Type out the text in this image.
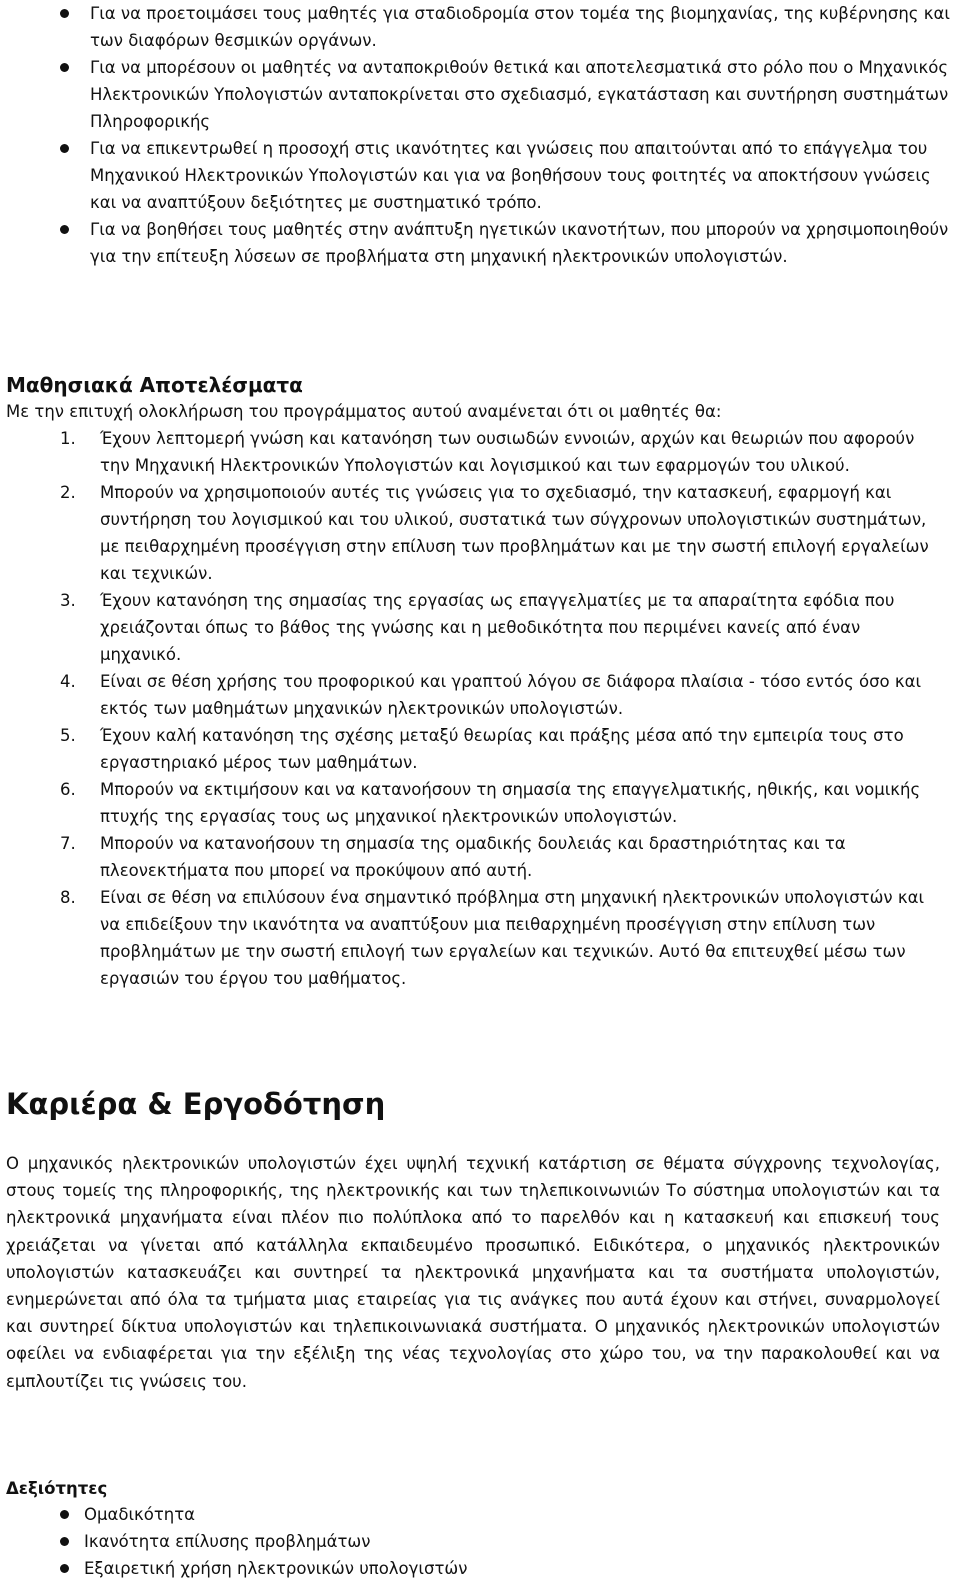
Για να προετοιμάσει τους μαθητές για σταδιοδρομία στον τομέα της βιομηχανίας, της κυβέρνησης και των διαφόρων θεσμικών οργάνων.
Για να μπορέσουν οι μαθητές να ανταποκριθούν θετικά και αποτελεσματικά στο ρόλο που ο Μηχανικός Ηλεκτρονικών Υπολογιστών ανταποκρίνεται στο σχεδιασμό, εγκατάσταση και συντήρηση συστημάτων Πληροφορικής
Για να επικεντρωθεί η προσοχή στις ικανότητες και γνώσεις που απαιτούνται από το επάγγελμα του Μηχανικού Ηλεκτρονικών Υπολογιστών και για να βοηθήσουν τους φοιτητές να αποκτήσουν γνώσεις και να αναπτύξουν δεξιότητες με συστηματικό τρόπο.
Για να βοηθήσει τους μαθητές στην ανάπτυξη ηγετικών ικανοτήτων, που μπορούν να χρησιμοποιηθούν για την επίτευξη λύσεων σε προβλήματα στη μηχανική ηλεκτρονικών υπολογιστών.
Μαθησιακά Αποτελέσματα
Με την επιτυχή ολοκλήρωση του προγράμματος αυτού αναμένεται ότι οι μαθητές θα:
1. Έχουν λεπτομερή γνώση και κατανόηση των ουσιωδών εννοιών, αρχών και θεωριών που αφορούν την Μηχανική Ηλεκτρονικών Υπολογιστών και λογισμικού και των εφαρμογών του υλικού.
2. Μπορούν να χρησιμοποιούν αυτές τις γνώσεις για το σχεδιασμό, την κατασκευή, εφαρμογή και συντήρηση του λογισμικού και του υλικού, συστατικά των σύγχρονων υπολογιστικών συστημάτων, με πειθαρχημένη προσέγγιση στην επίλυση των προβλημάτων και με την σωστή επιλογή εργαλείων και τεχνικών.
3. Έχουν κατανόηση της σημασίας της εργασίας ως επαγγελματίες με τα απαραίτητα εφόδια που χρειάζονται όπως το βάθος της γνώσης και η μεθοδικότητα που περιμένει κανείς από έναν μηχανικό.
4. Είναι σε θέση χρήσης του προφορικού και γραπτού λόγου σε διάφορα πλαίσια - τόσο εντός όσο και εκτός των μαθημάτων μηχανικών ηλεκτρονικών υπολογιστών.
5. Έχουν καλή κατανόηση της σχέσης μεταξύ θεωρίας και πράξης μέσα από την εμπειρία τους στο εργαστηριακό μέρος των μαθημάτων.
6. Μπορούν να εκτιμήσουν και να κατανοήσουν τη σημασία της επαγγελματικής, ηθικής, και νομικής πτυχής της εργασίας τους ως μηχανικοί ηλεκτρονικών υπολογιστών.
7. Μπορούν να κατανοήσουν τη σημασία της ομαδικής δουλειάς και δραστηριότητας και τα πλεονεκτήματα που μπορεί να προκύψουν από αυτή.
8. Είναι σε θέση να επιλύσουν ένα σημαντικό πρόβλημα στη μηχανική ηλεκτρονικών υπολογιστών και να επιδείξουν την ικανότητα να αναπτύξουν μια πειθαρχημένη προσέγγιση στην επίλυση των προβλημάτων με την σωστή επιλογή των εργαλείων και τεχνικών. Αυτό θα επιτευχθεί μέσω των εργασιών του έργου του μαθήματος.
Καριέρα & Εργοδότηση

Ο μηχανικός ηλεκτρονικών υπολογιστών έχει υψηλή τεχνική κατάρτιση σε θέματα σύγχρονης τεχνολογίας, στους τομείς της πληροφορικής, της ηλεκτρονικής και των τηλεπικοινωνιών Το σύστημα υπολογιστών και τα ηλεκτρονικά μηχανήματα είναι πλέον πιο πολύπλοκα από το παρελθόν και η κατασκευή και επισκευή τους χρειάζεται να γίνεται από κατάλληλα εκπαιδευμένο προσωπικό. Ειδικότερα, ο μηχανικός ηλεκτρονικών υπολογιστών κατασκευάζει και συντηρεί τα ηλεκτρονικά μηχανήματα και τα συστήματα υπολογιστών, ενημερώνεται από όλα τα τμήματα μιας εταιρείας για τις ανάγκες που αυτά έχουν και στήνει, συναρμολογεί και συντηρεί δίκτυα υπολογιστών και τηλεπικοινωνιακά συστήματα. Ο μηχανικός ηλεκτρονικών υπολογιστών οφείλει να ενδιαφέρεται για την εξέλιξη της νέας τεχνολογίας στο χώρο του, να την παρακολουθεί και να εμπλουτίζει τις γνώσεις του.

Δεξιότητες
Ομαδικότητα
Ικανότητα επίλυσης προβλημάτων
Εξαιρετική χρήση ηλεκτρονικών υπολογιστών
